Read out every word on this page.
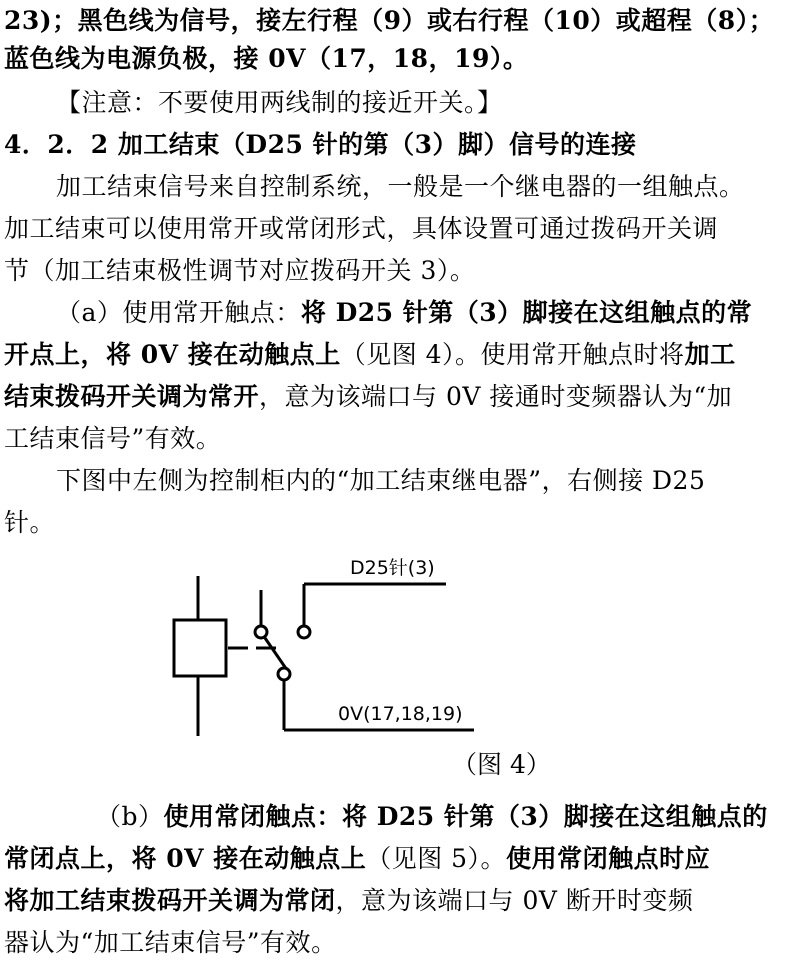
23)；黑色线为信号，接左行程（9）或右行程（10）或超程（8）；
蓝色线为电源负极，接 0V（17，18，19）。
【注意：不要使用两线制的接近开关。】
4．2．2 加工结束（D25 针的第（3）脚）信号的连接
加工结束信号来自控制系统，一般是一个继电器的一组触点。
加工结束可以使用常开或常闭形式，具体设置可通过拨码开关调
节（加工结束极性调节对应拨码开关 3）。
（a）使用常开触点：将 D25 针第（3）脚接在这组触点的常
开点上，将 0V 接在动触点上（见图 4）。使用常开触点时将加工
结束拨码开关调为常开，意为该端口与 0V 接通时变频器认为“加
工结束信号”有效。
下图中左侧为控制柜内的“加工结束继电器”，右侧接 D25
针。
D25针(3)
0V(17,18,19)
（图 4）
（b）使用常闭触点：将 D25 针第（3）脚接在这组触点的
常闭点上，将 0V 接在动触点上（见图 5）。使用常闭触点时应
将加工结束拨码开关调为常闭，意为该端口与 0V 断开时变频
器认为“加工结束信号”有效。
